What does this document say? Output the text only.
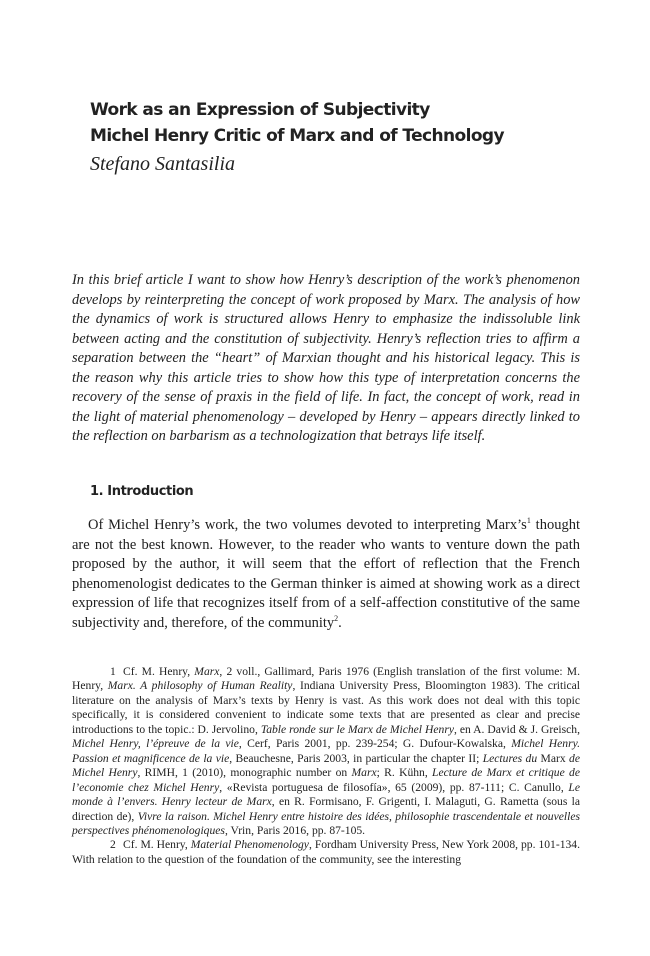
Work as an Expression of Subjectivity
Michel Henry Critic of Marx and of Technology
Stefano Santasilia

In this brief article I want to show how Henry’s description of the work’s phenomenon develops by reinterpreting the concept of work proposed by Marx. The analysis of how the dynamics of work is structured allows Henry to emphasize the indissoluble link between acting and the constitution of subjectivity. Henry’s reflection tries to affirm a separation between the “heart” of Marxian thought and his historical legacy. This is the reason why this article tries to show how this type of interpretation concerns the recovery of the sense of praxis in the field of life. In fact, the concept of work, read in the light of material phenomenology – developed by Henry – appears directly linked to the reflection on barbarism as a technologization that betrays life itself.

1. Introduction

Of Michel Henry’s work, the two volumes devoted to interpreting $Marx’s^1$ thought are not the best known. However, to the reader who wants to venture down the path proposed by the author, it will seem that the effort of reflection that the French phenomenologist dedicates to the German thinker is aimed at showing work as a direct expression of life that recognizes itself from of a self-affection constitutive of the same subjectivity and, therefore, of the community$^2$.

1 Cf. M. Henry, Marx, 2 voll., Gallimard, Paris 1976 (English translation of the first volume: M. Henry, Marx. A philosophy of Human Reality, Indiana University Press, Bloomington 1983). The critical literature on the analysis of Marx’s texts by Henry is vast. As this work does not deal with this topic specifically, it is considered convenient to indicate some texts that are presented as clear and precise introductions to the topic.: D. Jervolino, Table ronde sur le Marx de Michel Henry, en A. David & J. Greisch, Michel Henry, l’épreuve de la vie, Cerf, Paris 2001, pp. 239-254; G. Dufour-Kowalska, Michel Henry. Passion et magnificence de la vie, Beauchesne, Paris 2003, in particular the chapter II; Lectures du Marx de Michel Henry, RIMH, 1 (2010), monographic number on Marx; R. Kühn, Lecture de Marx et critique de l’economie chez Michel Henry, «Revista portuguesa de filosofía», 65 (2009), pp. 87-111; C. Canullo, Le monde à l’envers. Henry lecteur de Marx, en R. Formisano, F. Grigenti, I. Malaguti, G. Rametta (sous la direction de), Vivre la raison. Michel Henry entre histoire des idées, philosophie trascendentale et nouvelles perspectives phénomenologiques, Vrin, Paris 2016, pp. 87-105.

2 Cf. M. Henry, Material Phenomenology, Fordham University Press, New York 2008, pp. 101-134. With relation to the question of the foundation of the community, see the interesting
